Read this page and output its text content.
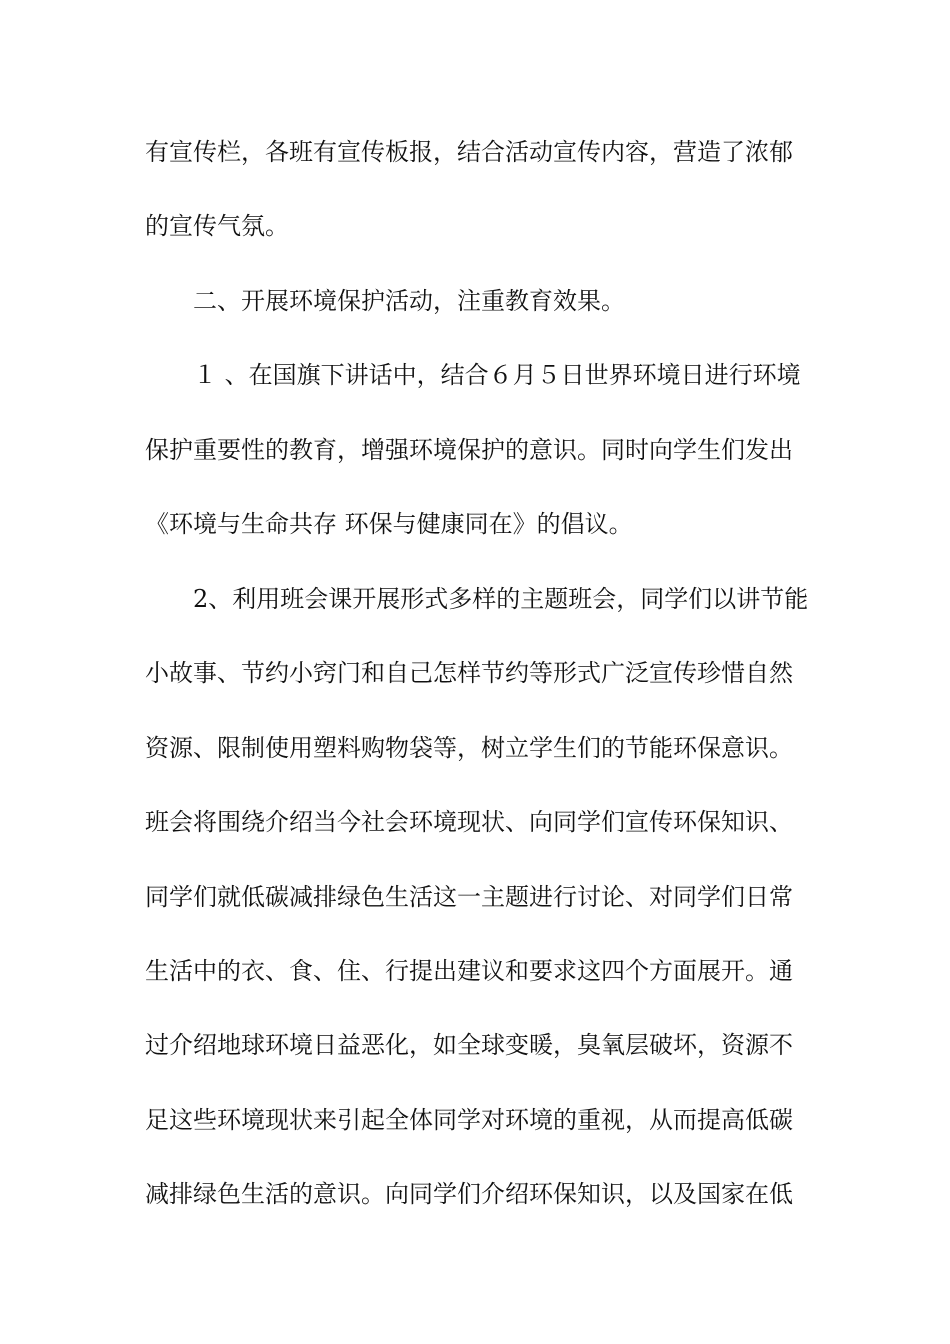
有宣传栏，各班有宣传板报，结合活动宣传内容，营造了浓郁
的宣传气氛。
二、开展环境保护活动，注重教育效果。
１ 、在国旗下讲话中，结合６月５日世界环境日进行环境
保护重要性的教育，增强环境保护的意识。同时向学生们发出
《环境与生命共存 环保与健康同在》的倡议。
2、利用班会课开展形式多样的主题班会，同学们以讲节能
小故事、节约小窍门和自己怎样节约等形式广泛宣传珍惜自然
资源、限制使用塑料购物袋等，树立学生们的节能环保意识。
班会将围绕介绍当今社会环境现状、向同学们宣传环保知识、
同学们就低碳减排绿色生活这一主题进行讨论、对同学们日常
生活中的衣、食、住、行提出建议和要求这四个方面展开。通
过介绍地球环境日益恶化，如全球变暖，臭氧层破坏，资源不
足这些环境现状来引起全体同学对环境的重视，从而提高低碳
减排绿色生活的意识。向同学们介绍环保知识，以及国家在低
